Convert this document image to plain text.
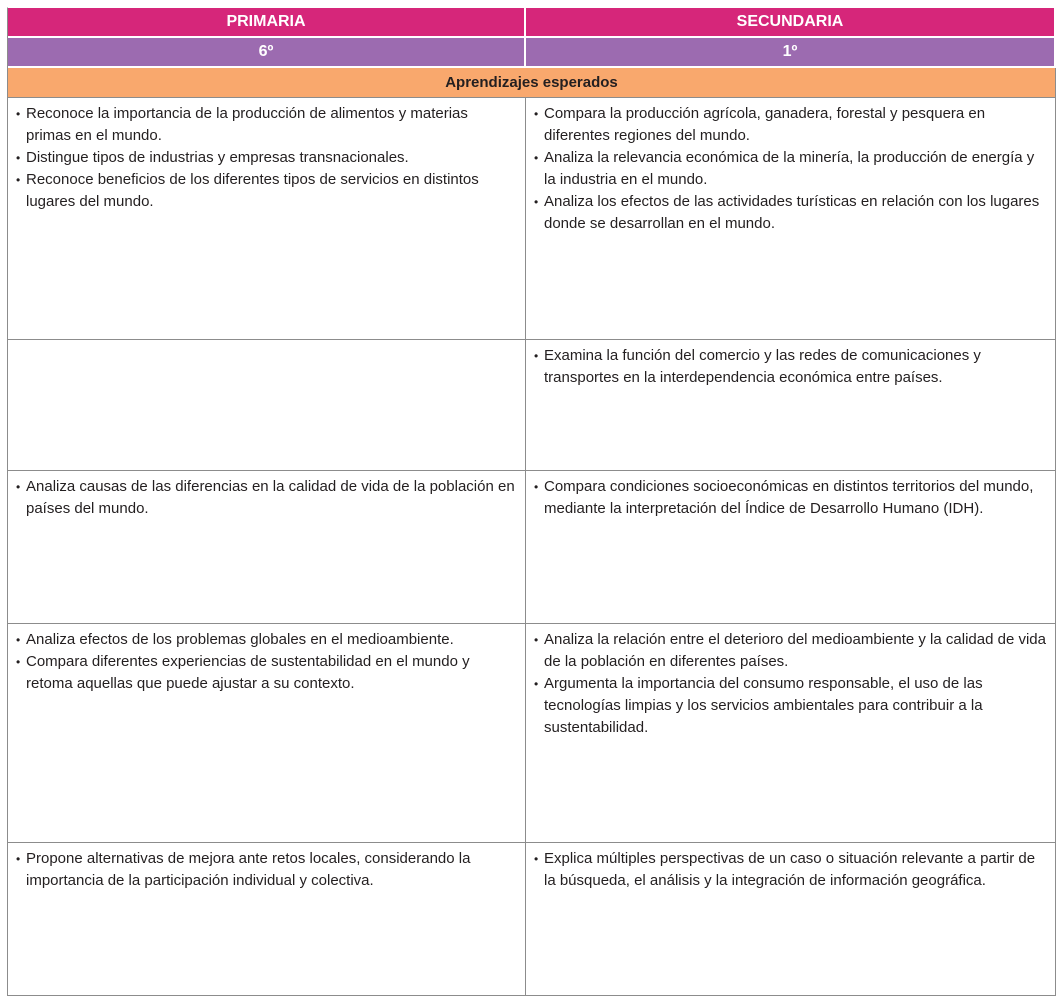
PRIMARIA	SECUNDARIA
6º	1º
Aprendizajes esperados
• Reconoce la importancia de la producción de alimentos y materias primas en el mundo.
• Distingue tipos de industrias y empresas transnacionales.
• Reconoce beneficios de los diferentes tipos de servicios en distintos lugares del mundo.
• Compara la producción agrícola, ganadera, forestal y pesquera en diferentes regiones del mundo.
• Analiza la relevancia económica de la minería, la producción de energía y la industria en el mundo.
• Analiza los efectos de las actividades turísticas en relación con los lugares donde se desarrollan en el mundo.
• Examina la función del comercio y las redes de comunicaciones y transportes en la interdependencia económica entre países.
• Analiza causas de las diferencias en la calidad de vida de la población en países del mundo.
• Compara condiciones socioeconómicas en distintos territorios del mundo, mediante la interpretación del Índice de Desarrollo Humano (IDH).
• Analiza efectos de los problemas globales en el medioambiente.
• Compara diferentes experiencias de sustentabilidad en el mundo y retoma aquellas que puede ajustar a su contexto.
• Analiza la relación entre el deterioro del medioambiente y la calidad de vida de la población en diferentes países.
• Argumenta la importancia del consumo responsable, el uso de las tecnologías limpias y los servicios ambientales para contribuir a la sustentabilidad.
• Propone alternativas de mejora ante retos locales, considerando la importancia de la participación individual y colectiva.
• Explica múltiples perspectivas de un caso o situación relevante a partir de la búsqueda, el análisis y la integración de información geográfica.
